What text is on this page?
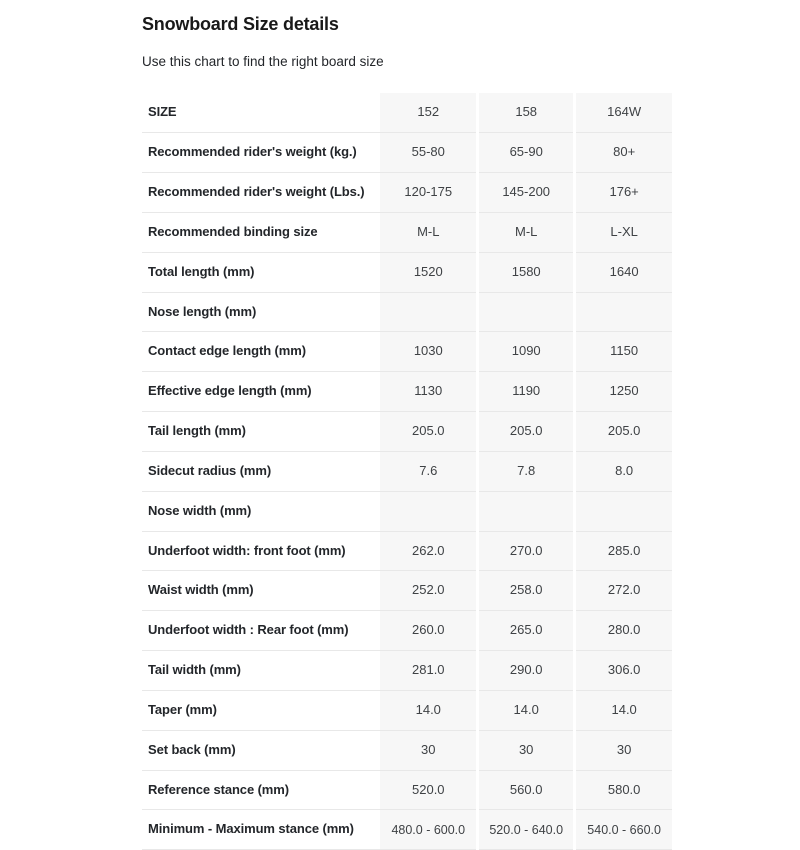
Snowboard Size details

Use this chart to find the right board size

SIZE	152	158	164W
Recommended rider's weight (kg.)	55-80	65-90	80+
Recommended rider's weight (Lbs.)	120-175	145-200	176+
Recommended binding size	M-L	M-L	L-XL
Total length (mm)	1520	1580	1640
Nose length (mm)			
Contact edge length (mm)	1030	1090	1150
Effective edge length (mm)	1130	1190	1250
Tail length (mm)	205.0	205.0	205.0
Sidecut radius (mm)	7.6	7.8	8.0
Nose width (mm)			
Underfoot width: front foot (mm)	262.0	270.0	285.0
Waist width (mm)	252.0	258.0	272.0
Underfoot width : Rear foot (mm)	260.0	265.0	280.0
Tail width (mm)	281.0	290.0	306.0
Taper (mm)	14.0	14.0	14.0
Set back (mm)	30	30	30
Reference stance (mm)	520.0	560.0	580.0
Minimum - Maximum stance (mm)	480.0 - 600.0	520.0 - 640.0	540.0 - 660.0
